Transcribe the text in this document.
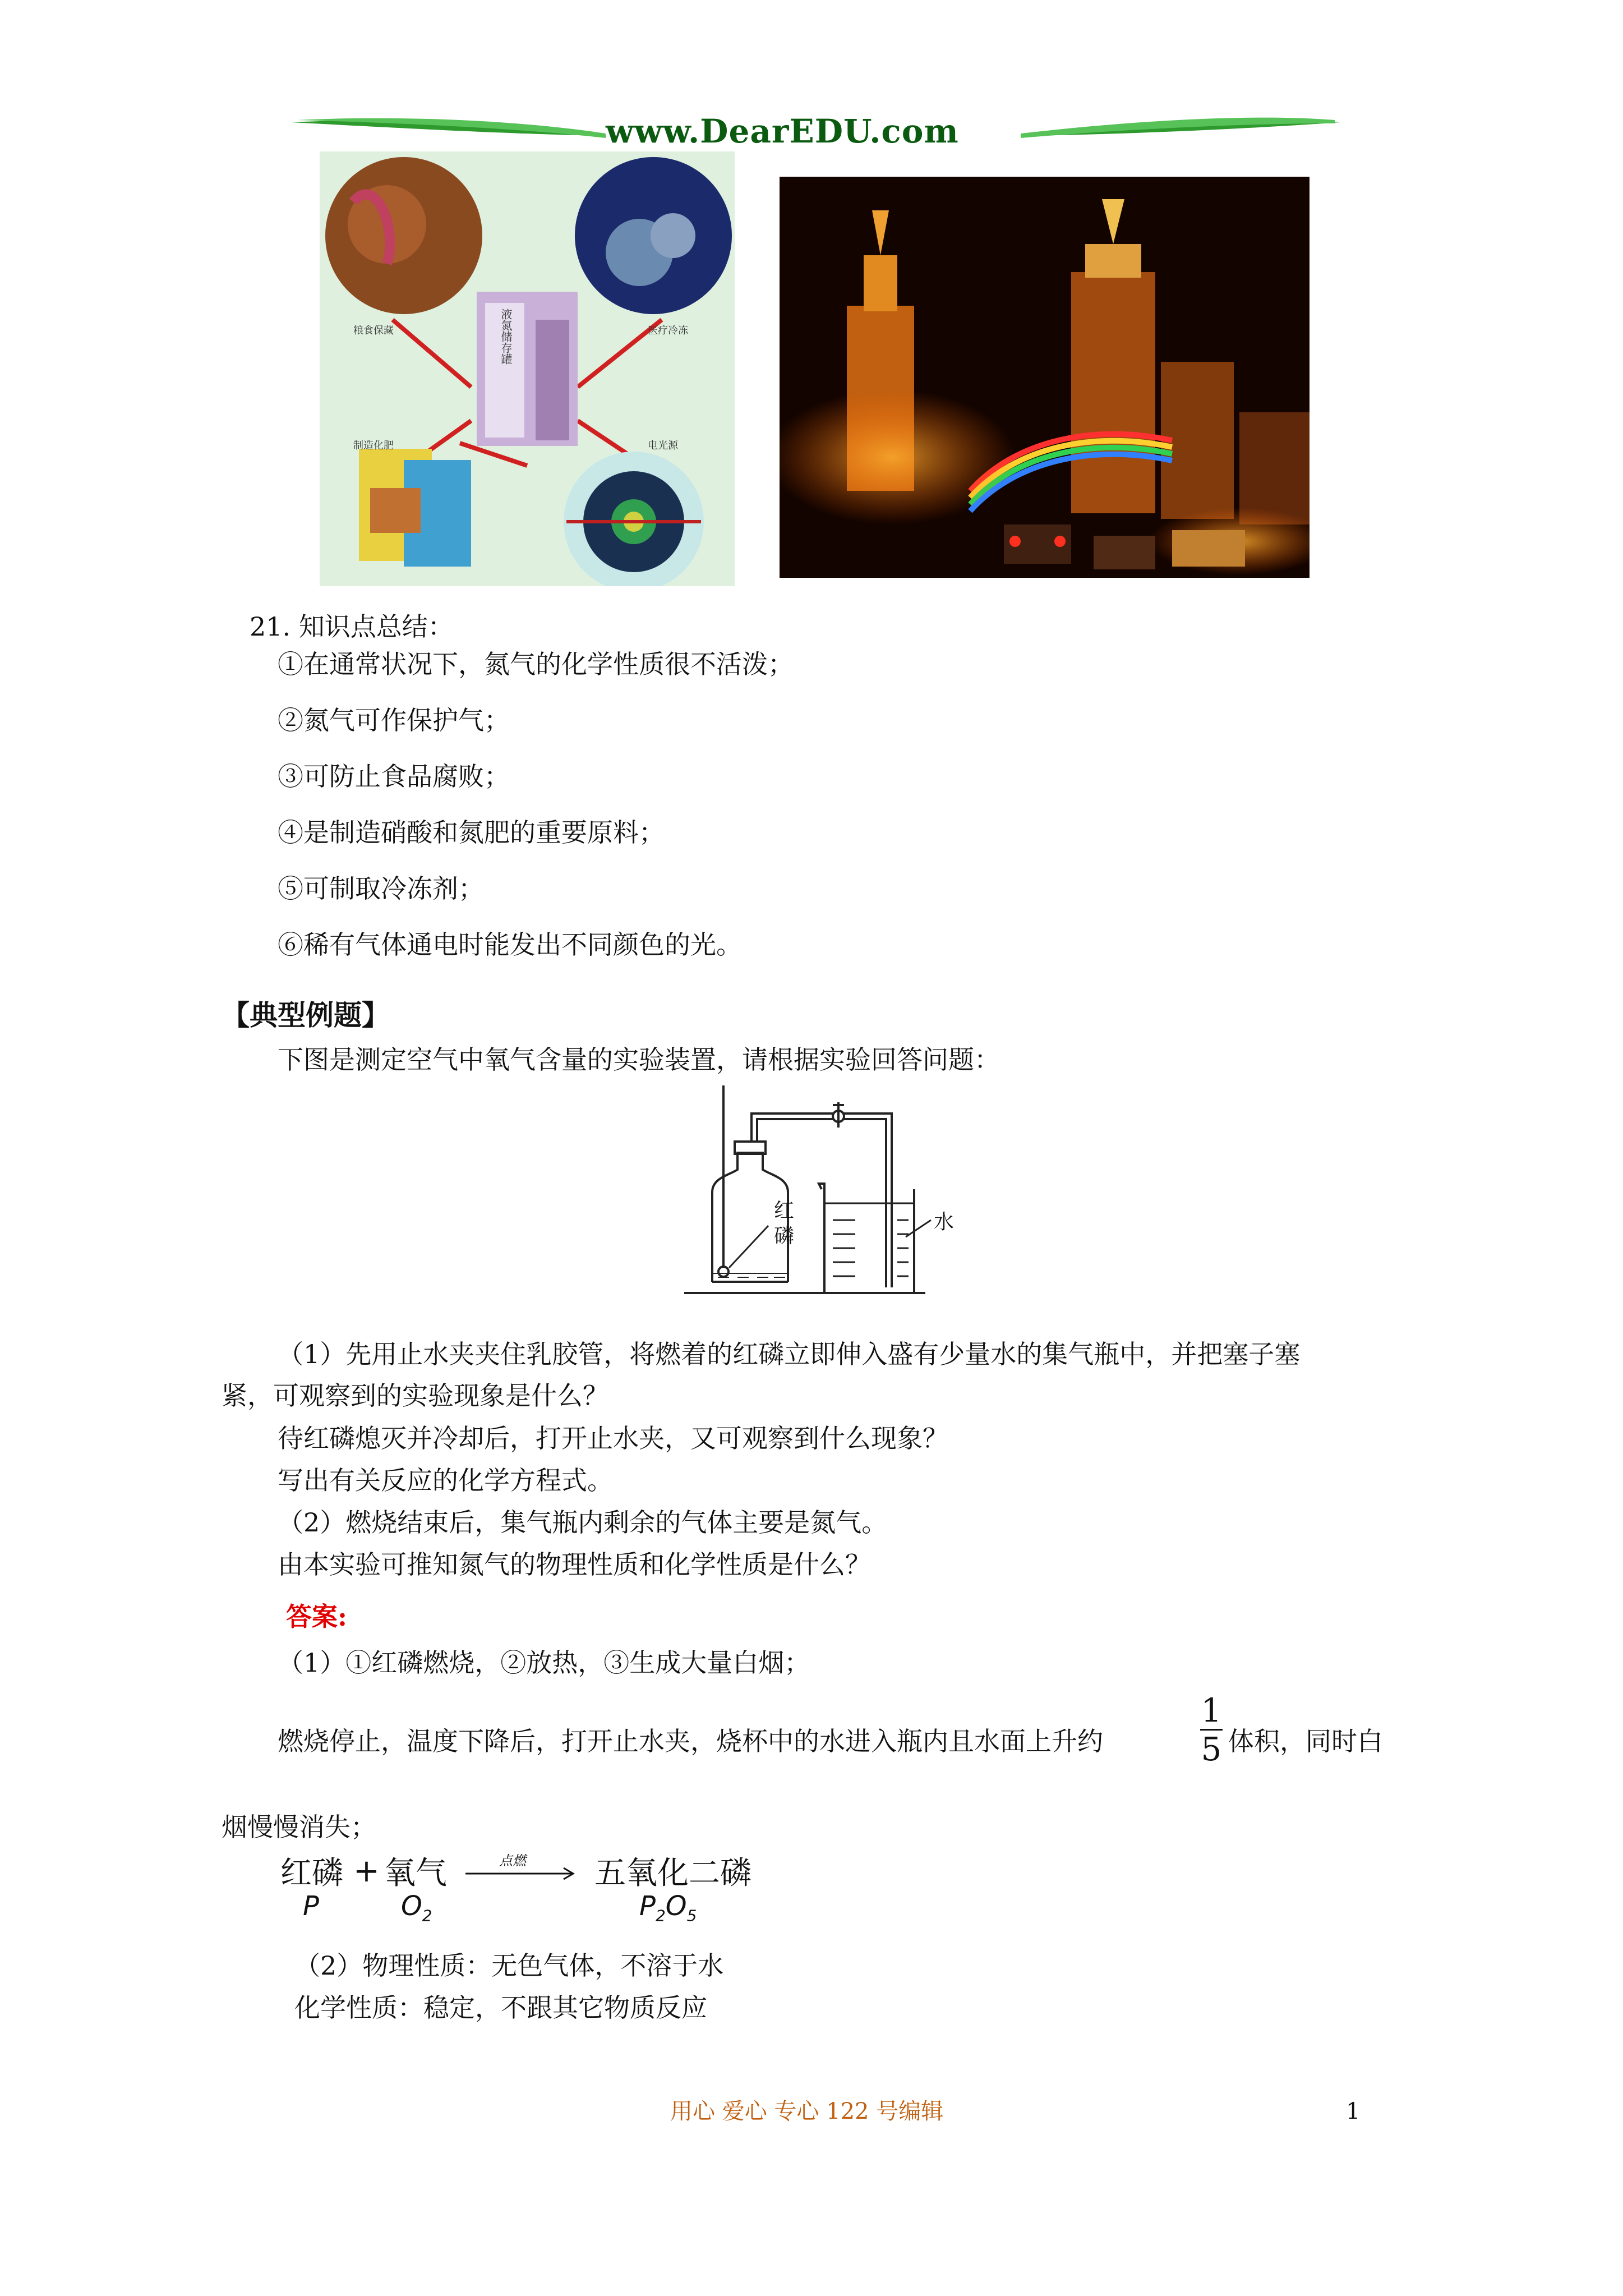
www.DearEDU.com
粮食保藏	医疗冷冻
制造化肥	电光源
液氮储存罐
21. 知识点总结：
①在通常状况下，氮气的化学性质很不活泼；
②氮气可作保护气；
③可防止食品腐败；
④是制造硝酸和氮肥的重要原料；
⑤可制取冷冻剂；
⑥稀有气体通电时能发出不同颜色的光。
【典型例题】
下图是测定空气中氧气含量的实验装置，请根据实验回答问题：
红
磷
水
（1）先用止水夹夹住乳胶管，将燃着的红磷立即伸入盛有少量水的集气瓶中，并把塞子塞
紧，可观察到的实验现象是什么？
待红磷熄灭并冷却后，打开止水夹，又可观察到什么现象？
写出有关反应的化学方程式。
（2）燃烧结束后，集气瓶内剩余的气体主要是氮气。
由本实验可推知氮气的物理性质和化学性质是什么？
答案:
（1）①红磷燃烧，②放热，③生成大量白烟；
燃烧停止，温度下降后，打开止水夹，烧杯中的水进入瓶内且水面上升约
1
5 体积，同时白
烟慢慢消失；
红磷 + 氧气	点燃 五氧化二磷
P	$O_2$	$P_2O_5$
（2）物理性质：无色气体，不溶于水
化学性质：稳定，不跟其它物质反应
用心 爱心 专心 122 号编辑	1
